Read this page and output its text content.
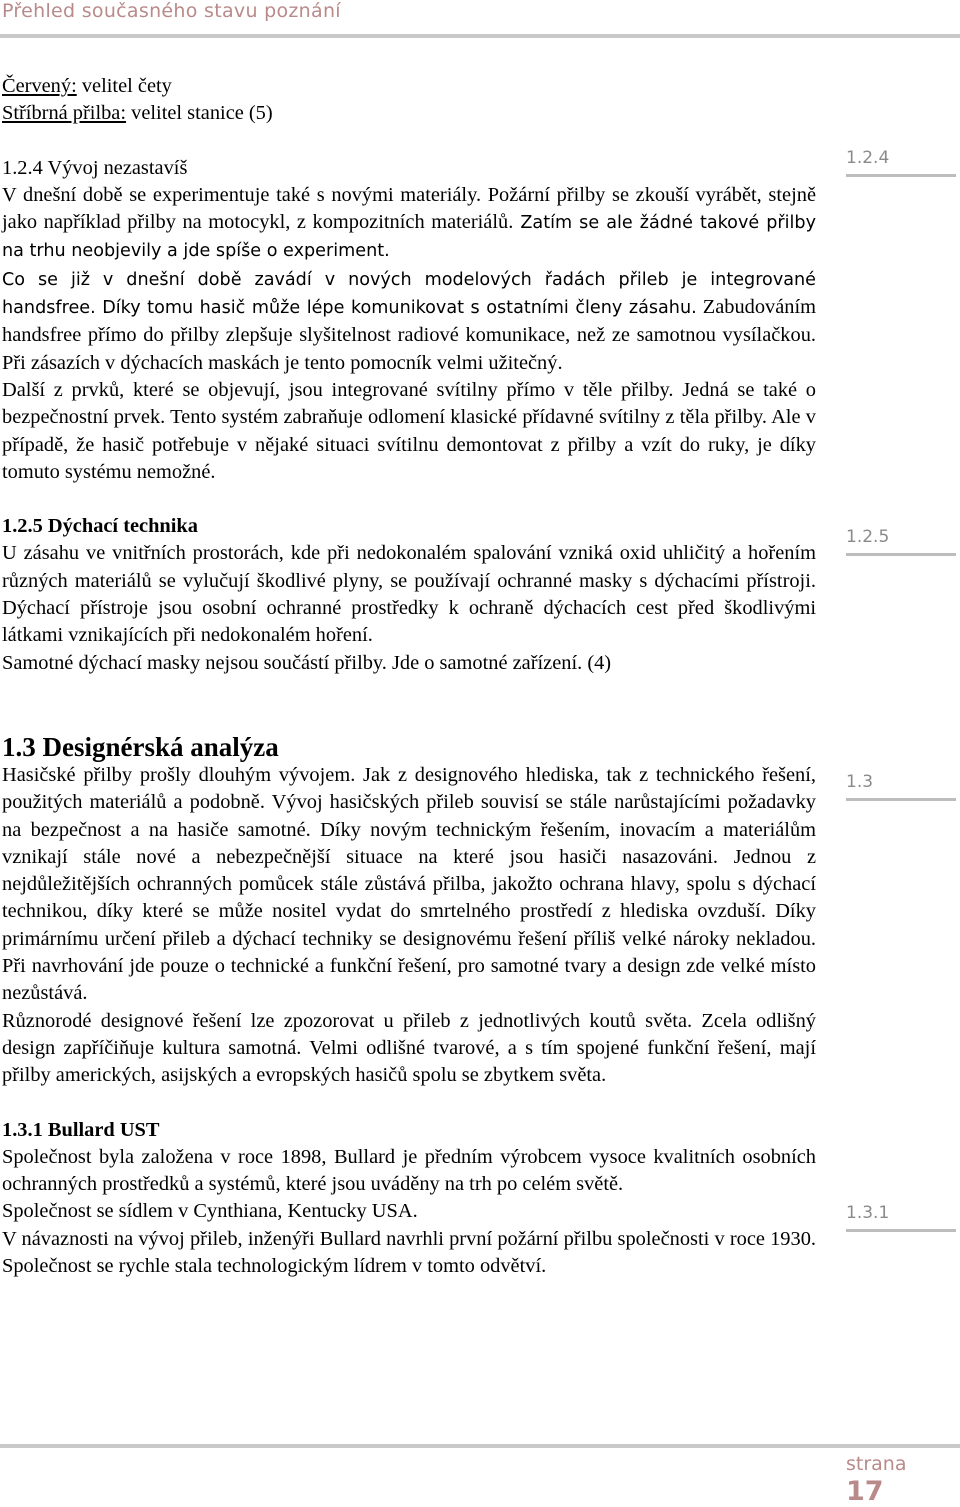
Přehled současného stavu poznání

Červený: velitel čety

Stříbrná přilba: velitel stanice (5)

1.2.4 Vývoj nezastavíš

V dnešní době se experimentuje také s novými materiály. Požární přilby se zkouší vyrábět, stejně jako například přilby na motocykl, z kompozitních materiálů. Zatím se ale žádné takové přilby na trhu neobjevily a jde spíše o experiment.

Co se již v dnešní době zavádí v nových modelových řadách přileb je integrované handsfree. Díky tomu hasič může lépe komunikovat s ostatními členy zásahu. Zabudováním handsfree přímo do přilby zlepšuje slyšitelnost radiové komunikace, než ze samotnou vysílačkou. Při zásazích v dýchacích maskách je tento pomocník velmi užitečný.

Další z prvků, které se objevují, jsou integrované svítilny přímo v těle přilby. Jedná se také o bezpečnostní prvek. Tento systém zabraňuje odlomení klasické přídavné svítilny z těla přilby. Ale v případě, že hasič potřebuje v nějaké situaci svítilnu demontovat z přilby a vzít do ruky, je díky tomuto systému nemožné.

1.2.5 Dýchací technika

U zásahu ve vnitřních prostorách, kde při nedokonalém spalování vzniká oxid uhličitý a hořením různých materiálů se vylučují škodlivé plyny, se používají ochranné masky s dýchacími přístroji. Dýchací přístroje jsou osobní ochranné prostředky k ochraně dýchacích cest před škodlivými látkami vznikajících při nedokonalém hoření.

Samotné dýchací masky nejsou součástí přilby. Jde o samotné zařízení. (4)

1.3 Designérská analýza

Hasičské přilby prošly dlouhým vývojem. Jak z designového hlediska, tak z technického řešení, použitých materiálů a podobně. Vývoj hasičských přileb souvisí se stále narůstajícími požadavky na bezpečnost a na hasiče samotné. Díky novým technickým řešením, inovacím a materiálům vznikají stále nové a nebezpečnější situace na které jsou hasiči nasazováni. Jednou z nejdůležitějších ochranných pomůcek stále zůstává přilba, jakožto ochrana hlavy, spolu s dýchací technikou, díky které se může nositel vydat do smrtelného prostředí z hlediska ovzduší. Díky primárnímu určení přileb a dýchací techniky se designovému řešení příliš velké nároky nekladou. Při navrhování jde pouze o technické a funkční řešení, pro samotné tvary a design zde velké místo nezůstává.

Různorodé designové řešení lze zpozorovat u přileb z jednotlivých koutů světa. Zcela odlišný design zapříčiňuje kultura samotná. Velmi odlišné tvarové, a s tím spojené funkční řešení, mají přilby amerických, asijských a evropských hasičů spolu se zbytkem světa.

1.3.1 Bullard UST

Společnost byla založena v roce 1898, Bullard je předním výrobcem vysoce kvalitních osobních ochranných prostředků a systémů, které jsou uváděny na trh po celém světě.

Společnost se sídlem v Cynthiana, Kentucky USA.

V návaznosti na vývoj přileb, inženýři Bullard navrhli první požární přilbu společnosti v roce 1930. Společnost se rychle stala technologickým lídrem v tomto odvětví.

1.2.4
1.2.5
1.3
1.3.1
strana
17
